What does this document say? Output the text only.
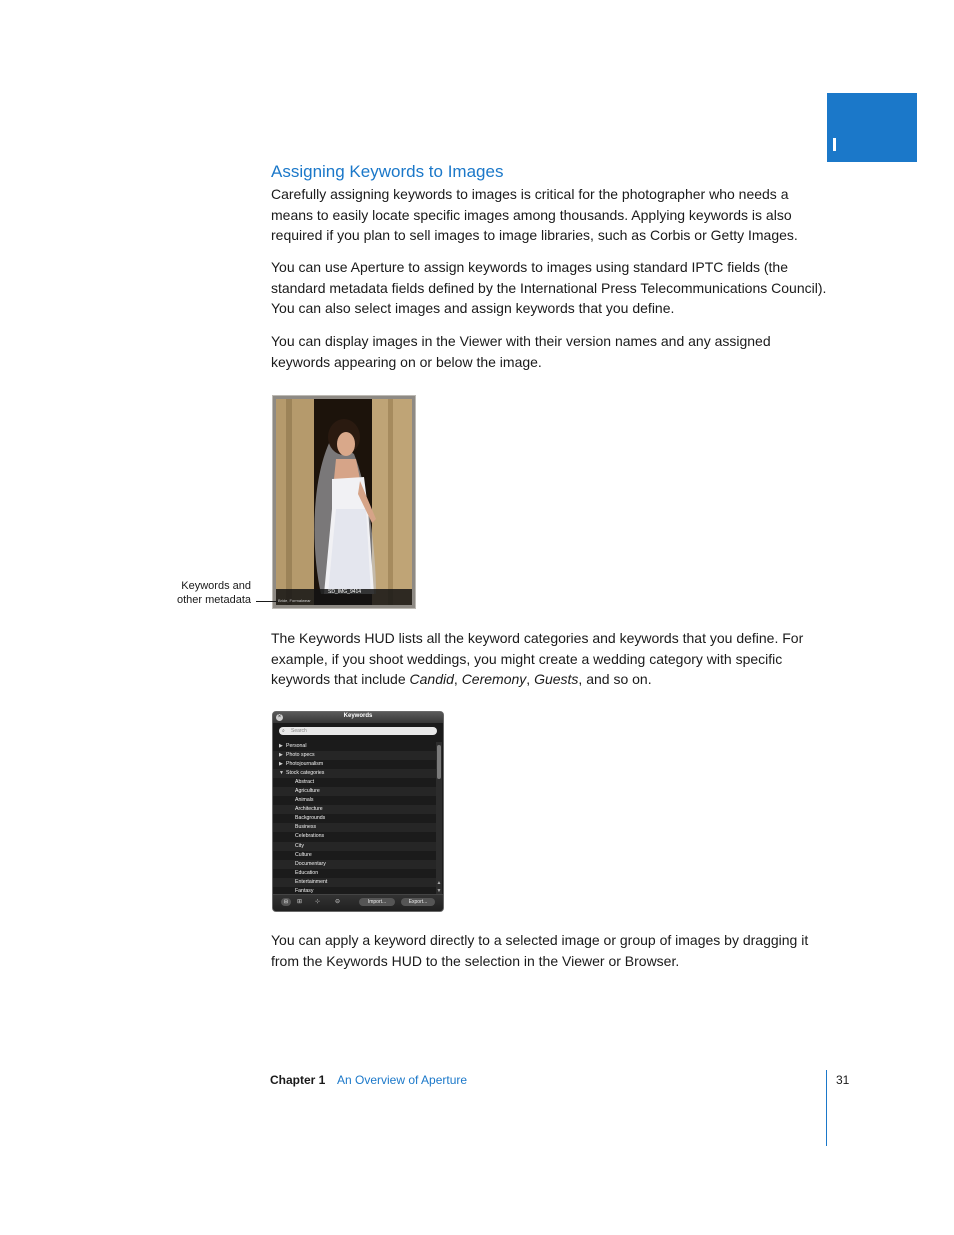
Assigning Keywords to Images

Carefully assigning keywords to images is critical for the photographer who needs a means to easily locate specific images among thousands. Applying keywords is also required if you plan to sell images to image libraries, such as Corbis or Getty Images.

You can use Aperture to assign keywords to images using standard IPTC fields (the standard metadata fields defined by the International Press Telecommunications Council). You can also select images and assign keywords that you define.

You can display images in the Viewer with their version names and any assigned keywords appearing on or below the image.

SD_IMG_9414
Bride, Formalwear
Keywords and
other metadata

The Keywords HUD lists all the keyword categories and keywords that you define. For example, if you shoot weddings, you might create a wedding category with specific keywords that include Candid, Ceremony, Guests, and so on.

×	Keywords
⌕ Search
▶ Personal
▶ Photo specs
▶ Photojournalism
▼ Stock categories
Abstract
Agriculture
Animals
Architecture
Backgrounds
Business
Celebrations
City
Culture
Documentary
Education
Entertainment
Fantasy
▲
▼
⊟	⊞ ⊹ ⊖	Import...	Export...

You can apply a keyword directly to a selected image or group of images by dragging it from the Keywords HUD to the selection in the Viewer or Browser.

Chapter 1 An Overview of Aperture	31
